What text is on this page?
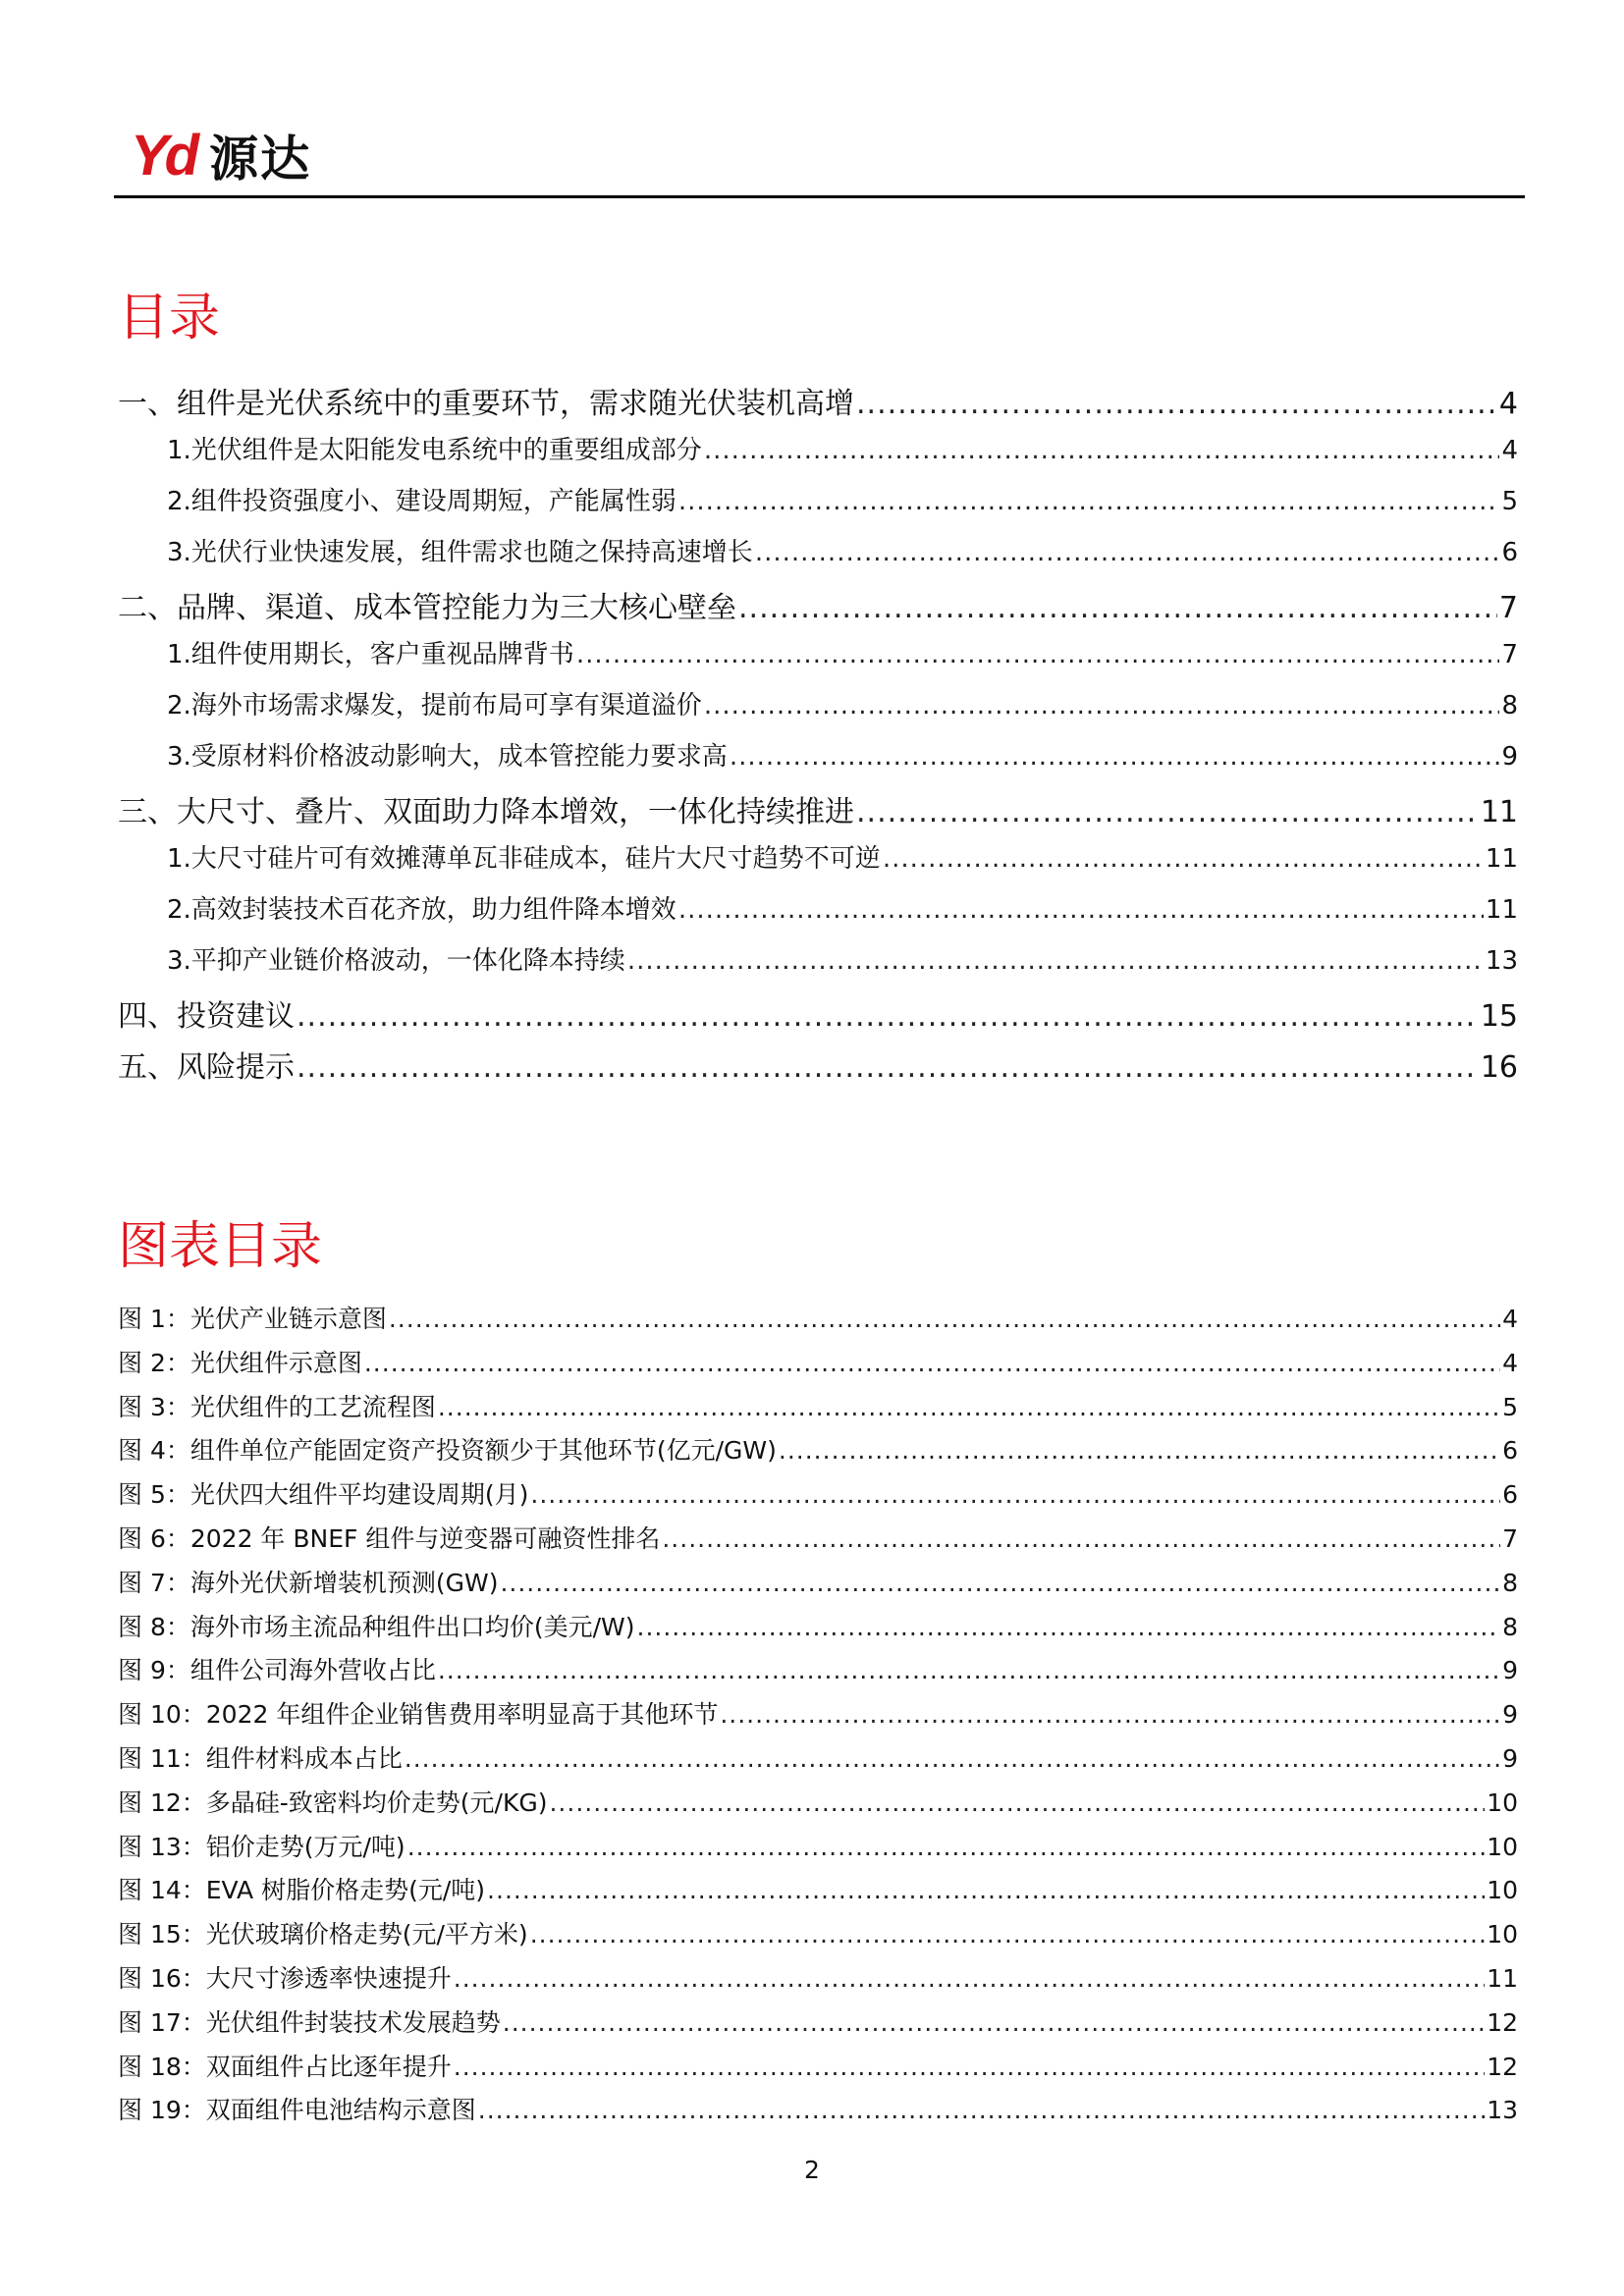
Yd 源达
目录
一、组件是光伏系统中的重要环节，需求随光伏装机高增 .....	4
1.光伏组件是太阳能发电系统中的重要组成部分 .....	4
2.组件投资强度小、建设周期短，产能属性弱 .....	5
3.光伏行业快速发展，组件需求也随之保持高速增长 .....	6
二、品牌、渠道、成本管控能力为三大核心壁垒 .....	7
1.组件使用期长，客户重视品牌背书 .....	7
2.海外市场需求爆发，提前布局可享有渠道溢价 .....	8
3.受原材料价格波动影响大，成本管控能力要求高 .....	9
三、大尺寸、叠片、双面助力降本增效，一体化持续推进 .....	11
1.大尺寸硅片可有效摊薄单瓦非硅成本，硅片大尺寸趋势不可逆 .....	11
2.高效封装技术百花齐放，助力组件降本增效 .....	11
3.平抑产业链价格波动，一体化降本持续 .....	13
四、投资建议 .....	15
五、风险提示 .....	16
图表目录
图 1：光伏产业链示意图 .....	4
图 2：光伏组件示意图 .....	4
图 3：光伏组件的工艺流程图 .....	5
图 4：组件单位产能固定资产投资额少于其他环节(亿元/GW) .....	6
图 5：光伏四大组件平均建设周期(月) .....	6
图 6：2022 年 BNEF 组件与逆变器可融资性排名 .....	7
图 7：海外光伏新增装机预测(GW) .....	8
图 8：海外市场主流品种组件出口均价(美元/W) .....	8
图 9：组件公司海外营收占比 .....	9
图 10：2022 年组件企业销售费用率明显高于其他环节 .....	9
图 11：组件材料成本占比 .....	9
图 12：多晶硅-致密料均价走势(元/KG) .....	10
图 13：铝价走势(万元/吨) .....	10
图 14：EVA 树脂价格走势(元/吨) .....	10
图 15：光伏玻璃价格走势(元/平方米) .....	10
图 16：大尺寸渗透率快速提升 .....	11
图 17：光伏组件封装技术发展趋势 .....	12
图 18：双面组件占比逐年提升 .....	12
图 19：双面组件电池结构示意图 .....	13
2
